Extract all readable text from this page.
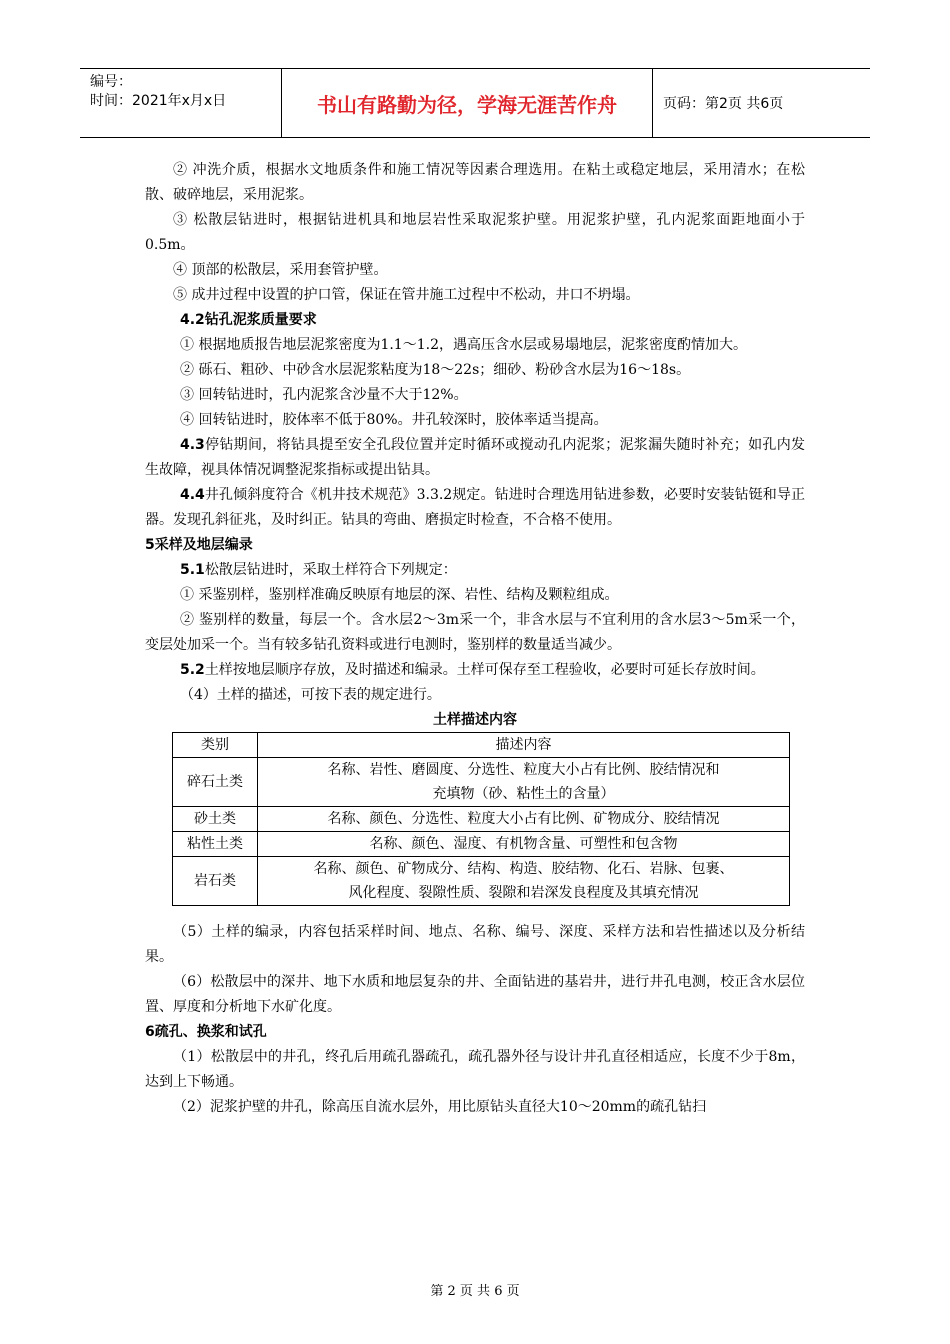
编号：
时间：2021年x月x日	书山有路勤为径，学海无涯苦作舟	页码：第2页 共6页

② 冲洗介质，根据水文地质条件和施工情况等因素合理选用。在粘土或稳定地层，采用清水；在松散、破碎地层，采用泥浆。

③ 松散层钻进时，根据钻进机具和地层岩性采取泥浆护壁。用泥浆护壁，孔内泥浆面距地面小于0.5m。

④ 顶部的松散层，采用套管护壁。

⑤ 成井过程中设置的护口管，保证在管井施工过程中不松动，井口不坍塌。

4.2钻孔泥浆质量要求

① 根据地质报告地层泥浆密度为1.1～1.2，遇高压含水层或易塌地层，泥浆密度酌情加大。

② 砾石、粗砂、中砂含水层泥浆粘度为18～22s；细砂、粉砂含水层为16～18s。

③ 回转钻进时，孔内泥浆含沙量不大于12%。

④ 回转钻进时，胶体率不低于80%。井孔较深时，胶体率适当提高。

4.3停钻期间，将钻具提至安全孔段位置并定时循环或搅动孔内泥浆；泥浆漏失随时补充；如孔内发生故障，视具体情况调整泥浆指标或提出钻具。

4.4井孔倾斜度符合《机井技术规范》3.3.2规定。钻进时合理选用钻进参数，必要时安装钻铤和导正器。发现孔斜征兆，及时纠正。钻具的弯曲、磨损定时检查，不合格不使用。

5采样及地层编录

5.1松散层钻进时，采取土样符合下列规定：

① 采鉴别样，鉴别样准确反映原有地层的深、岩性、结构及颗粒组成。

② 鉴别样的数量，每层一个。含水层2～3m采一个，非含水层与不宜利用的含水层3～5m采一个，变层处加采一个。当有较多钻孔资料或进行电测时，鉴别样的数量适当减少。

5.2土样按地层顺序存放，及时描述和编录。土样可保存至工程验收，必要时可延长存放时间。

（4）土样的描述，可按下表的规定进行。

土样描述内容

类别	描述内容
碎石土类	名称、岩性、磨圆度、分选性、粒度大小占有比例、胶结情况和
充填物（砂、粘性土的含量）

砂土类	名称、颜色、分选性、粒度大小占有比例、矿物成分、胶结情况
粘性土类	名称、颜色、湿度、有机物含量、可塑性和包含物
岩石类	名称、颜色、矿物成分、结构、构造、胶结物、化石、岩脉、包裹、
风化程度、裂隙性质、裂隙和岩深发良程度及其填充情况

（5）土样的编录，内容包括采样时间、地点、名称、编号、深度、采样方法和岩性描述以及分析结果。

（6）松散层中的深井、地下水质和地层复杂的井、全面钻进的基岩井，进行井孔电测，校正含水层位置、厚度和分析地下水矿化度。

6疏孔、换浆和试孔

（1）松散层中的井孔，终孔后用疏孔器疏孔，疏孔器外径与设计井孔直径相适应，长度不少于8m，达到上下畅通。

（2）泥浆护壁的井孔，除高压自流水层外，用比原钻头直径大10～20mm的疏孔钻扫

第 2 页 共 6 页
